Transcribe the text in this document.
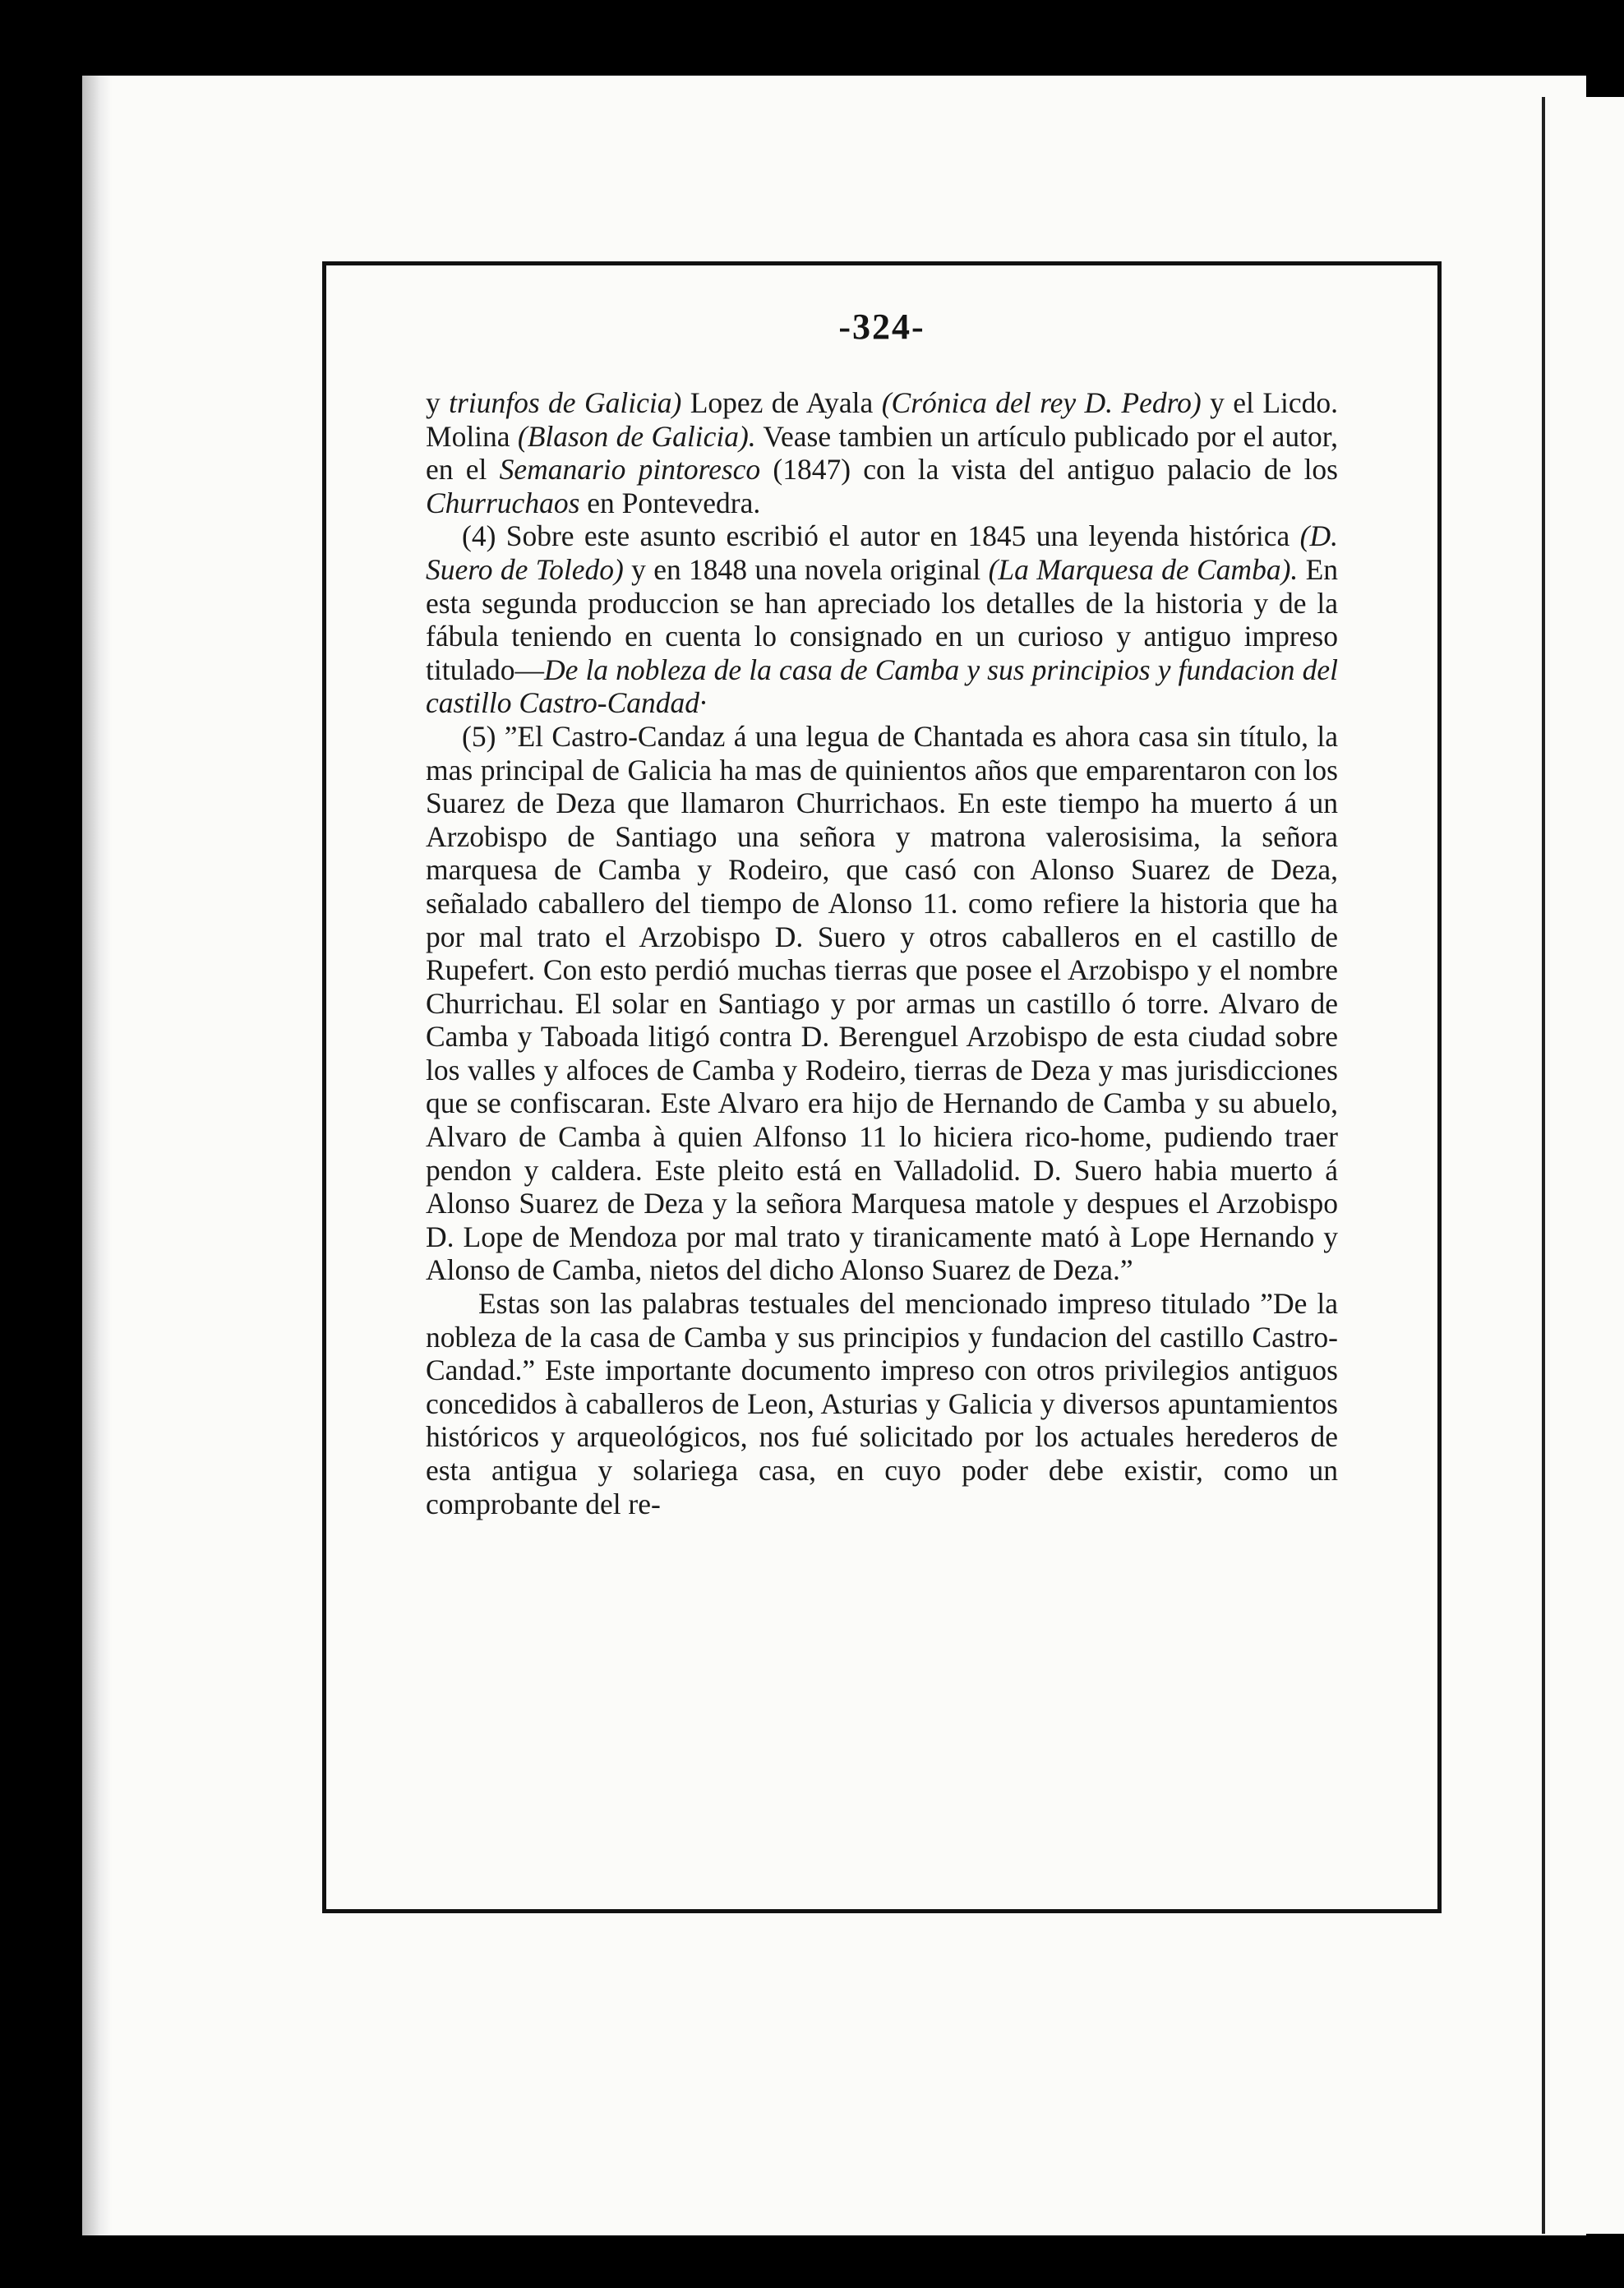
-324-

y triunfos de Galicia) Lopez de Ayala (Crónica del rey D. Pedro) y el Licdo. Molina (Blason de Galicia). Vease tambien un artículo publicado por el autor, en el Semanario pintoresco (1847) con la vista del antiguo palacio de los Churruchaos en Pontevedra.

(4) Sobre este asunto escribió el autor en 1845 una leyenda histórica (D. Suero de Toledo) y en 1848 una novela original (La Marquesa de Camba). En esta segunda produccion se han apreciado los detalles de la historia y de la fábula teniendo en cuenta lo consignado en un curioso y antiguo impreso titulado—De la nobleza de la casa de Camba y sus principios y fundacion del castillo Castro-Candad·

(5) ”El Castro-Candaz á una legua de Chantada es ahora casa sin título, la mas principal de Galicia ha mas de quinientos años que emparentaron con los Suarez de Deza que llamaron Churrichaos. En este tiempo ha muerto á un Arzobispo de Santiago una señora y matrona valerosisima, la señora marquesa de Camba y Rodeiro, que casó con Alonso Suarez de Deza, señalado caballero del tiempo de Alonso 11. como refiere la historia que ha por mal trato el Arzobispo D. Suero y otros caballeros en el castillo de Rupefert. Con esto perdió muchas tierras que posee el Arzobispo y el nombre Churrichau. El solar en Santiago y por armas un castillo ó torre. Alvaro de Camba y Taboada litigó contra D. Berenguel Arzobispo de esta ciudad sobre los valles y alfoces de Camba y Rodeiro, tierras de Deza y mas jurisdicciones que se confiscaran. Este Alvaro era hijo de Hernando de Camba y su abuelo, Alvaro de Camba à quien Alfonso 11 lo hiciera rico-home, pudiendo traer pendon y caldera. Este pleito está en Valladolid. D. Suero habia muerto á Alonso Suarez de Deza y la señora Marquesa matole y despues el Arzobispo D. Lope de Mendoza por mal trato y tiranicamente mató à Lope Hernando y Alonso de Camba, nietos del dicho Alonso Suarez de Deza.”

Estas son las palabras testuales del mencionado impreso titulado ”De la nobleza de la casa de Camba y sus principios y fundacion del castillo Castro-Candad.” Este importante documento impreso con otros privilegios antiguos concedidos à caballeros de Leon, Asturias y Galicia y diversos apuntamientos históricos y arqueológicos, nos fué solicitado por los actuales herederos de esta antigua y solariega casa, en cuyo poder debe existir, como un comprobante del re-
